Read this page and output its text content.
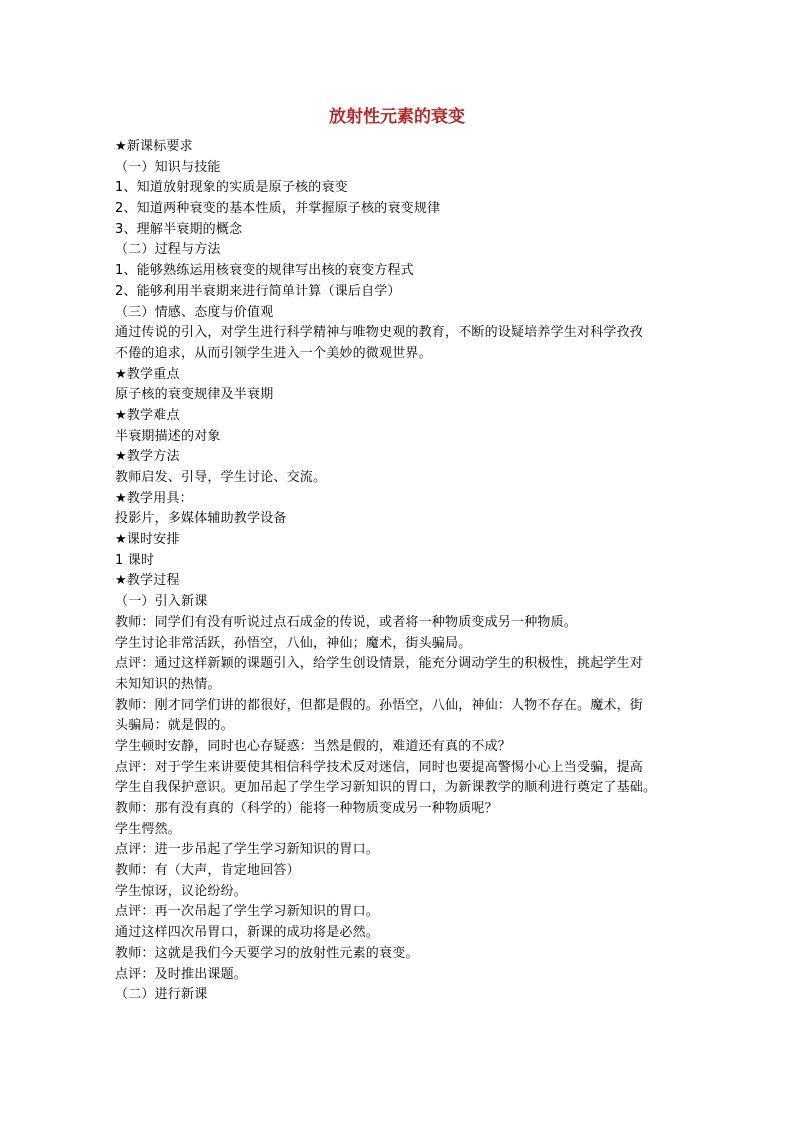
放射性元素的衰变
★新课标要求
（一）知识与技能
1、知道放射现象的实质是原子核的衰变
2、知道两种衰变的基本性质，并掌握原子核的衰变规律
3、理解半衰期的概念
（二）过程与方法
1、能够熟练运用核衰变的规律写出核的衰变方程式
2、能够利用半衰期来进行简单计算（课后自学）
（三）情感、态度与价值观
通过传说的引入，对学生进行科学精神与唯物史观的教育，不断的设疑培养学生对科学孜孜
不倦的追求，从而引领学生进入一个美妙的微观世界。
★教学重点
原子核的衰变规律及半衰期
★教学难点
半衰期描述的对象
★教学方法
教师启发、引导，学生讨论、交流。
★教学用具：
投影片，多媒体辅助教学设备
★课时安排
1 课时
★教学过程
（一）引入新课
教师：同学们有没有听说过点石成金的传说，或者将一种物质变成另一种物质。
学生讨论非常活跃，孙悟空，八仙，神仙；魔术，街头骗局。
点评：通过这样新颖的课题引入，给学生创设情景，能充分调动学生的积极性，挑起学生对
未知知识的热情。
教师：刚才同学们讲的都很好，但都是假的。孙悟空，八仙，神仙：人物不存在。魔术，街
头骗局：就是假的。
学生顿时安静，同时也心存疑惑：当然是假的，难道还有真的不成？
点评：对于学生来讲要使其相信科学技术反对迷信，同时也要提高警惕小心上当受骗，提高
学生自我保护意识。更加吊起了学生学习新知识的胃口，为新课教学的顺利进行奠定了基础。
教师：那有没有真的（科学的）能将一种物质变成另一种物质呢？
学生愕然。
点评：进一步吊起了学生学习新知识的胃口。
教师：有（大声，肯定地回答）
学生惊讶，议论纷纷。
点评：再一次吊起了学生学习新知识的胃口。
通过这样四次吊胃口，新课的成功将是必然。
教师：这就是我们今天要学习的放射性元素的衰变。
点评：及时推出课题。
（二）进行新课
